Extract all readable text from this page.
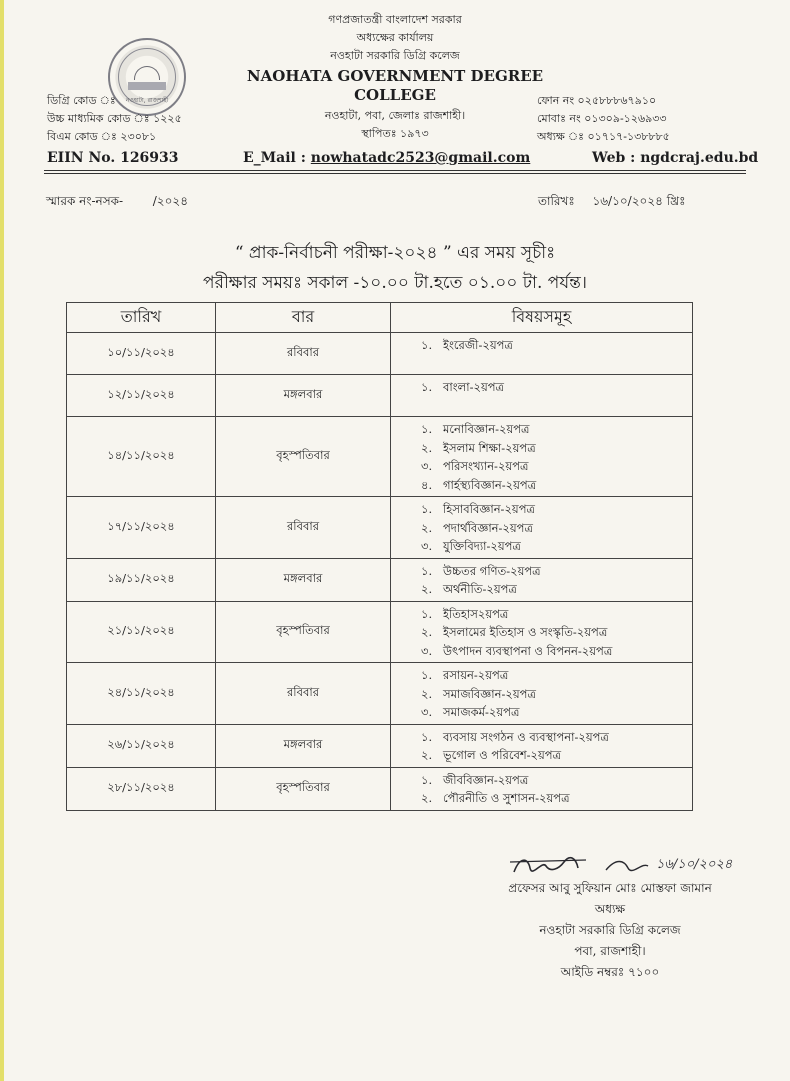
গণপ্রজাতন্ত্রী বাংলাদেশ সরকার
অধ্যক্ষের কার্যালয়
নওহাটা সরকারি ডিগ্রি কলেজ
NAOHATA GOVERNMENT DEGREE
COLLEGE
নওহাটা, পবা, জেলাঃ রাজশাহী।
স্থাপিতঃ ১৯৭৩
নওহাটা, রাজশাহী
ডিগ্রি কোড ঃ
উচ্চ মাধ্যমিক কোড ঃ ১২২৫
বিএম কোড ঃ ২৩০৮১
EIIN No. 126933
ফোন নং ০২৫৮৮৮৬৭৯১০
মোবাঃ নং ০১৩০৯-১২৬৯৩৩
অধ্যক্ষ ঃ ০১৭১৭-১৩৮৮৮৫
E_Mail : nowhatadc2523@gmail.com	Web : ngdcraj.edu.bd
স্মারক নং-নসক- /২০২৪	তারিখঃ ১৬/১০/২০২৪ খ্রিঃ
“ প্রাক-নির্বাচনী পরীক্ষা-২০২৪ ” এর সময় সূচীঃ
পরীক্ষার সময়ঃ সকাল -১০.০০ টা.হতে ০১.০০ টা. পর্যন্ত।
তারিখ	বার	বিষয়সমূহ
১০/১১/২০২৪	রবিবার	১. ইংরেজী-২য়পত্র

১২/১১/২০২৪	মঙ্গলবার	১. বাংলা-২য়পত্র

১৪/১১/২০২৪	বৃহস্পতিবার	১. মনোবিজ্ঞান-২য়পত্র
২. ইসলাম শিক্ষা-২য়পত্র
৩. পরিসংখ্যান-২য়পত্র
৪. গার্হস্থ্যবিজ্ঞান-২য়পত্র

১৭/১১/২০২৪	রবিবার	১. হিসাববিজ্ঞান-২য়পত্র
২. পদার্থবিজ্ঞান-২য়পত্র
৩. যুক্তিবিদ্যা-২য়পত্র

১৯/১১/২০২৪	মঙ্গলবার	১. উচ্চতর গণিত-২য়পত্র
২. অর্থনীতি-২য়পত্র

২১/১১/২০২৪	বৃহস্পতিবার	১. ইতিহাস২য়পত্র
২. ইসলামের ইতিহাস ও সংস্কৃতি-২য়পত্র
৩. উৎপাদন ব্যবস্থাপনা ও বিপনন-২য়পত্র

২৪/১১/২০২৪	রবিবার	১. রসায়ন-২য়পত্র
২. সমাজবিজ্ঞান-২য়পত্র
৩. সমাজকর্ম-২য়পত্র

২৬/১১/২০২৪	মঙ্গলবার	১. ব্যবসায় সংগঠন ও ব্যবস্থাপনা-২য়পত্র
২. ভূগোল ও পরিবেশ-২য়পত্র

২৮/১১/২০২৪	বৃহস্পতিবার	১. জীববিজ্ঞান-২য়পত্র
২. পৌরনীতি ও সুশাসন-২য়পত্র
১৬/১০/২০২৪
প্রফেসর আবু সুফিয়ান মোঃ মোস্তফা জামান
অধ্যক্ষ
নওহাটা সরকারি ডিগ্রি কলেজ
পবা, রাজশাহী।
আইডি নম্বরঃ ৭১০০
